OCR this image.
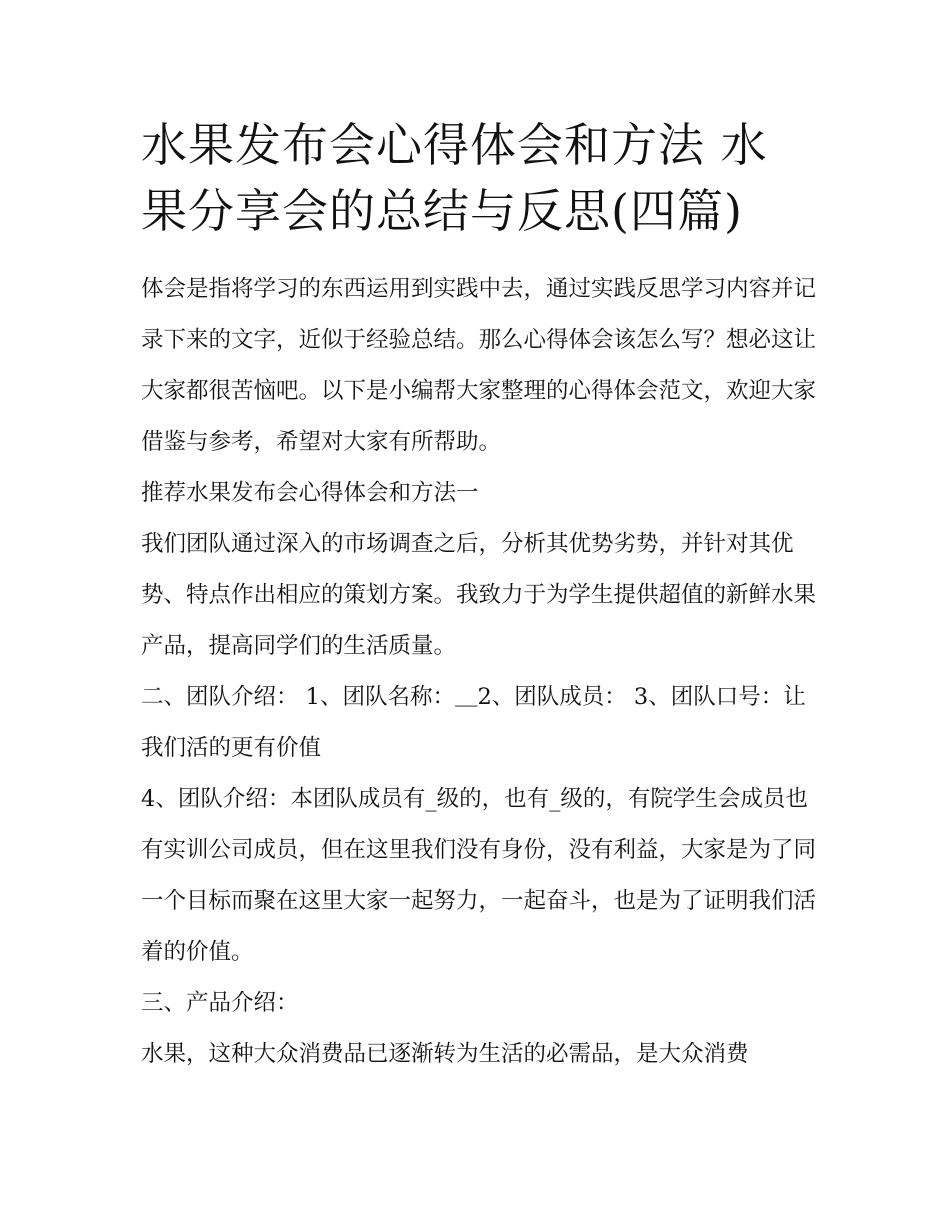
水果发布会心得体会和方法 水果分享会的总结与反思(四篇)

体会是指将学习的东西运用到实践中去，通过实践反思学习内容并记录下来的文字，近似于经验总结。那么心得体会该怎么写？想必这让大家都很苦恼吧。以下是小编帮大家整理的心得体会范文，欢迎大家借鉴与参考，希望对大家有所帮助。

推荐水果发布会心得体会和方法一

我们团队通过深入的市场调查之后，分析其优势劣势，并针对其优势、特点作出相应的策划方案。我致力于为学生提供超值的新鲜水果产品，提高同学们的生活质量。

二、团队介绍： 1、团队名称：＿2、团队成员： 3、团队口号：让我们活的更有价值

4、团队介绍：本团队成员有_级的，也有_级的，有院学生会成员也有实训公司成员，但在这里我们没有身份，没有利益，大家是为了同一个目标而聚在这里大家一起努力，一起奋斗，也是为了证明我们活着的价值。

三、产品介绍：

水果，这种大众消费品已逐渐转为生活的必需品，是大众消费
